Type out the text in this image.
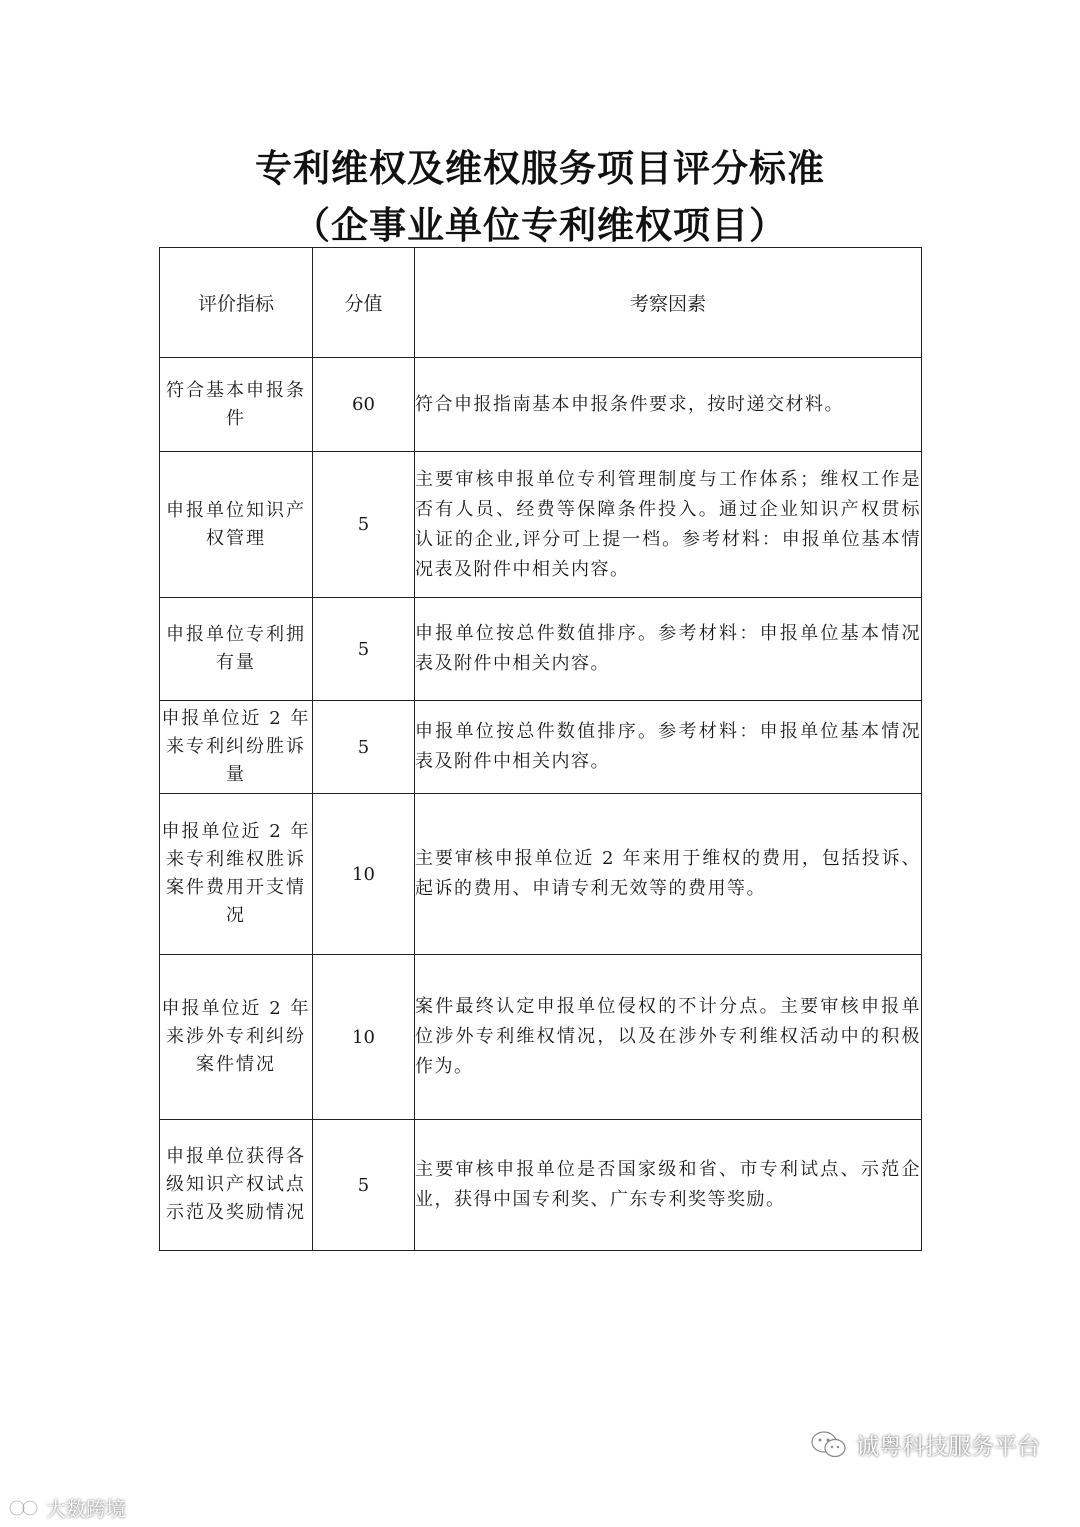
专利维权及维权服务项目评分标准
（企事业单位专利维权项目）
评价指标	分值	考察因素
符合基本申报条件	60	符合申报指南基本申报条件要求，按时递交材料。
申报单位知识产权管理	5	主要审核申报单位专利管理制度与工作体系；维权工作是否有人员、经费等保障条件投入。通过企业知识产权贯标认证的企业,评分可上提一档。参考材料：申报单位基本情况表及附件中相关内容。
申报单位专利拥有量	5	申报单位按总件数值排序。参考材料：申报单位基本情况表及附件中相关内容。
申报单位近 2 年来专利纠纷胜诉量	5	申报单位按总件数值排序。参考材料：申报单位基本情况表及附件中相关内容。
申报单位近 2 年来专利维权胜诉案件费用开支情况	10	主要审核申报单位近 2 年来用于维权的费用，包括投诉、起诉的费用、申请专利无效等的费用等。
申报单位近 2 年来涉外专利纠纷案件情况	10	案件最终认定申报单位侵权的不计分点。主要审核申报单位涉外专利维权情况，以及在涉外专利维权活动中的积极作为。
申报单位获得各级知识产权试点示范及奖励情况	5	主要审核申报单位是否国家级和省、市专利试点、示范企业，获得中国专利奖、广东专利奖等奖励。
诚粤科技服务平台
大数跨境
